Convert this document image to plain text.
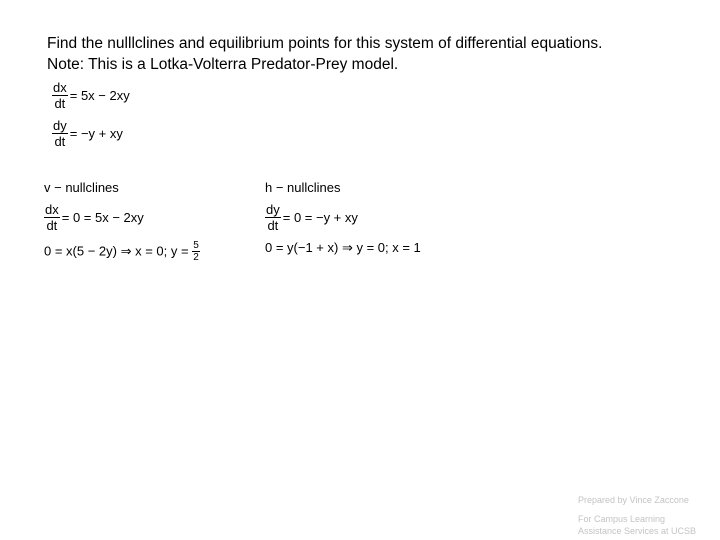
Find the nulllclines and equilibrium points for this system of differential equations.
Note: This is a Lotka-Volterra Predator-Prey model.
$\frac{dx}{dt} = 5x - 2xy$
$\frac{dy}{dt} = -y$ + xy
v − nullclines
$\frac{dx}{dt} = 0 = 5x - 2xy$
0 = x(5 − 2y) ⇒ x = 0; $y = \frac{5}{2}$
h − nullclines
$\frac{dy}{dt} = 0 = -y$ + xy
0 = y(−1 + x) ⇒ y = 0; x = 1
Prepared by Vince Zaccone
For Campus Learning
Assistance Services at UCSB
